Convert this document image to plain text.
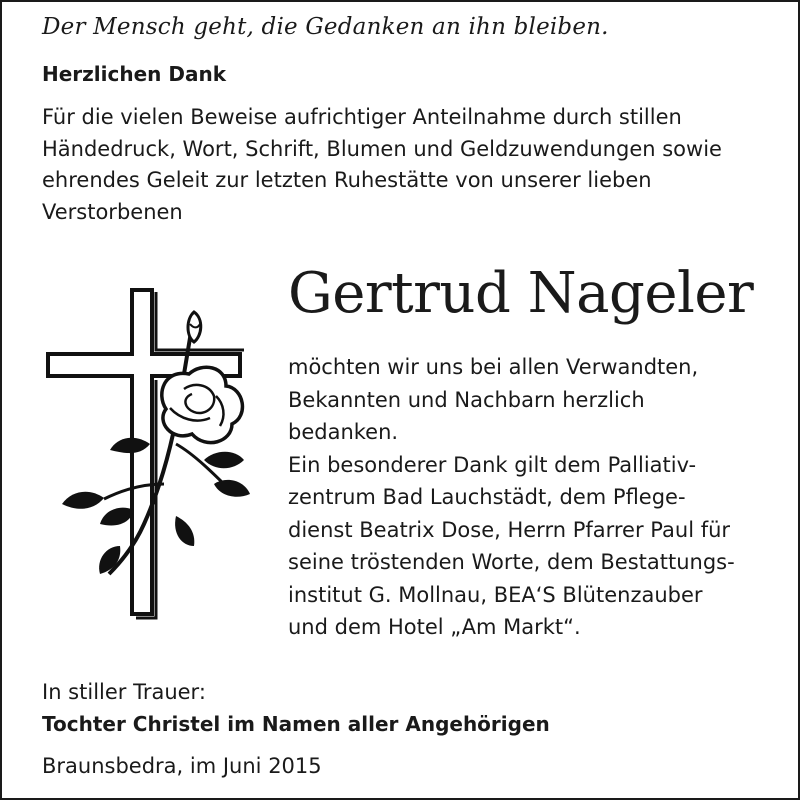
Der Mensch geht, die Gedanken an ihn bleiben.
Herzlichen Dank
Für die vielen Beweise aufrichtiger Anteilnahme durch stillen Händedruck, Wort, Schrift, Blumen und Geldzuwendungen sowie ehrendes Geleit zur letzten Ruhestätte von unserer lieben Verstorbenen
Gertrud Nageler
möchten wir uns bei allen Verwandten,
Bekannten und Nachbarn herzlich
bedanken.
Ein besonderer Dank gilt dem Palliativ-
zentrum Bad Lauchstädt, dem Pflege-
dienst Beatrix Dose, Herrn Pfarrer Paul für
seine tröstenden Worte, dem Bestattungs-
institut G. Mollnau, BEA‘S Blütenzauber
und dem Hotel „Am Markt“.
In stiller Trauer:
Tochter Christel im Namen aller Angehörigen
Braunsbedra, im Juni 2015
